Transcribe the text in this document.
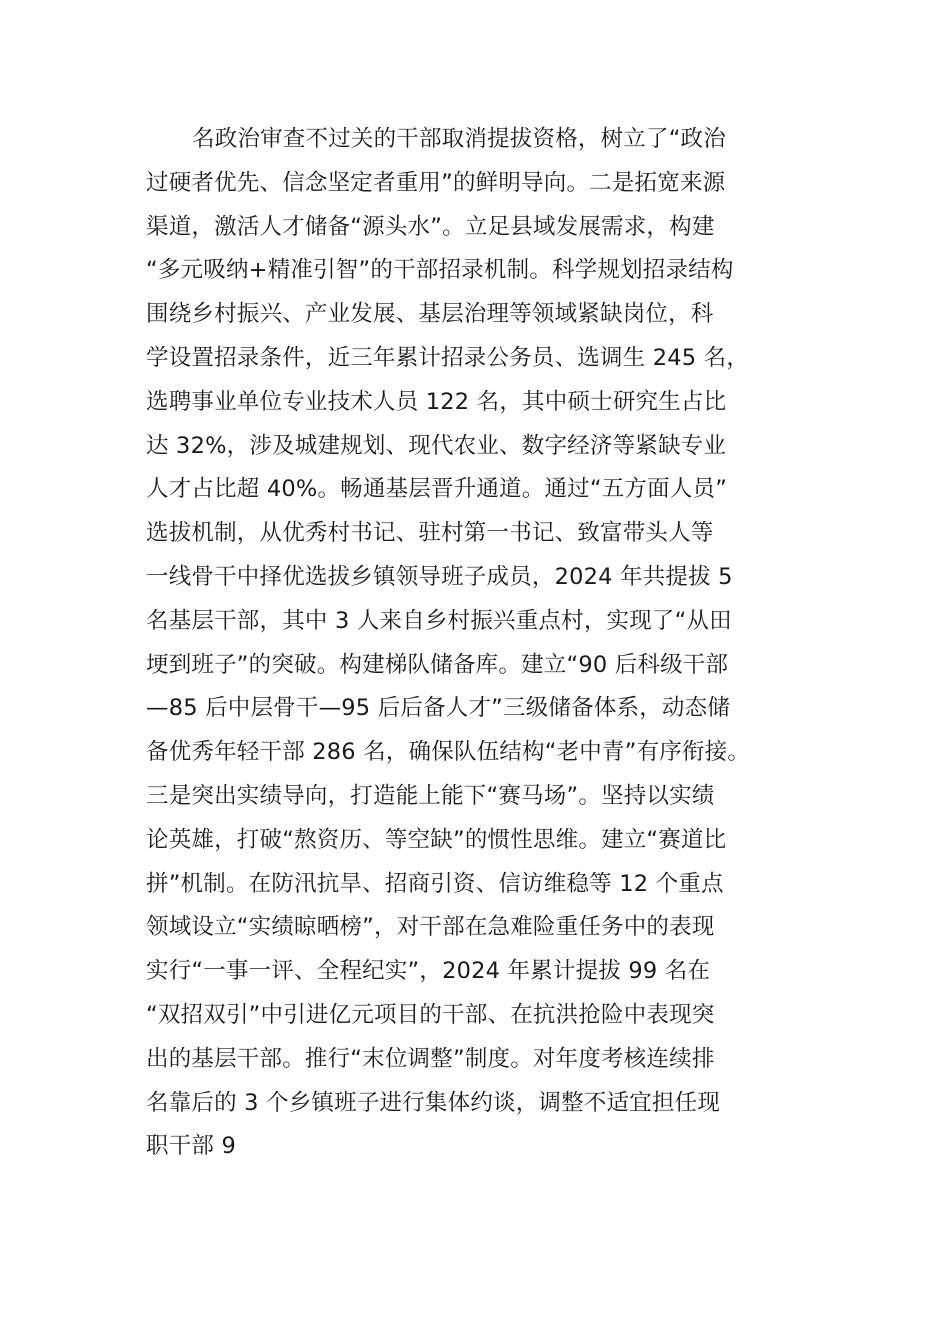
名政治审查不过关的干部取消提拔资格，树立了“政治
过硬者优先、信念坚定者重用”的鲜明导向。二是拓宽来源
渠道，激活人才储备“源头水”。立足县域发展需求，构建
“多元吸纳+精准引智”的干部招录机制。科学规划招录结构
围绕乡村振兴、产业发展、基层治理等领域紧缺岗位，科
学设置招录条件，近三年累计招录公务员、选调生 245 名，
选聘事业单位专业技术人员 122 名，其中硕士研究生占比
达 32%，涉及城建规划、现代农业、数字经济等紧缺专业
人才占比超 40%。畅通基层晋升通道。通过“五方面人员”
选拔机制，从优秀村书记、驻村第一书记、致富带头人等
一线骨干中择优选拔乡镇领导班子成员，2024 年共提拔 5
名基层干部，其中 3 人来自乡村振兴重点村，实现了“从田
埂到班子”的突破。构建梯队储备库。建立“90 后科级干部
—85 后中层骨干—95 后后备人才”三级储备体系，动态储
备优秀年轻干部 286 名，确保队伍结构“老中青”有序衔接。
三是突出实绩导向，打造能上能下“赛马场”。坚持以实绩
论英雄，打破“熬资历、等空缺”的惯性思维。建立“赛道比
拼”机制。在防汛抗旱、招商引资、信访维稳等 12 个重点
领域设立“实绩晾晒榜”，对干部在急难险重任务中的表现
实行“一事一评、全程纪实”，2024 年累计提拔 99 名在
“双招双引”中引进亿元项目的干部、在抗洪抢险中表现突
出的基层干部。推行“末位调整”制度。对年度考核连续排
名靠后的 3 个乡镇班子进行集体约谈，调整不适宜担任现
职干部 9
